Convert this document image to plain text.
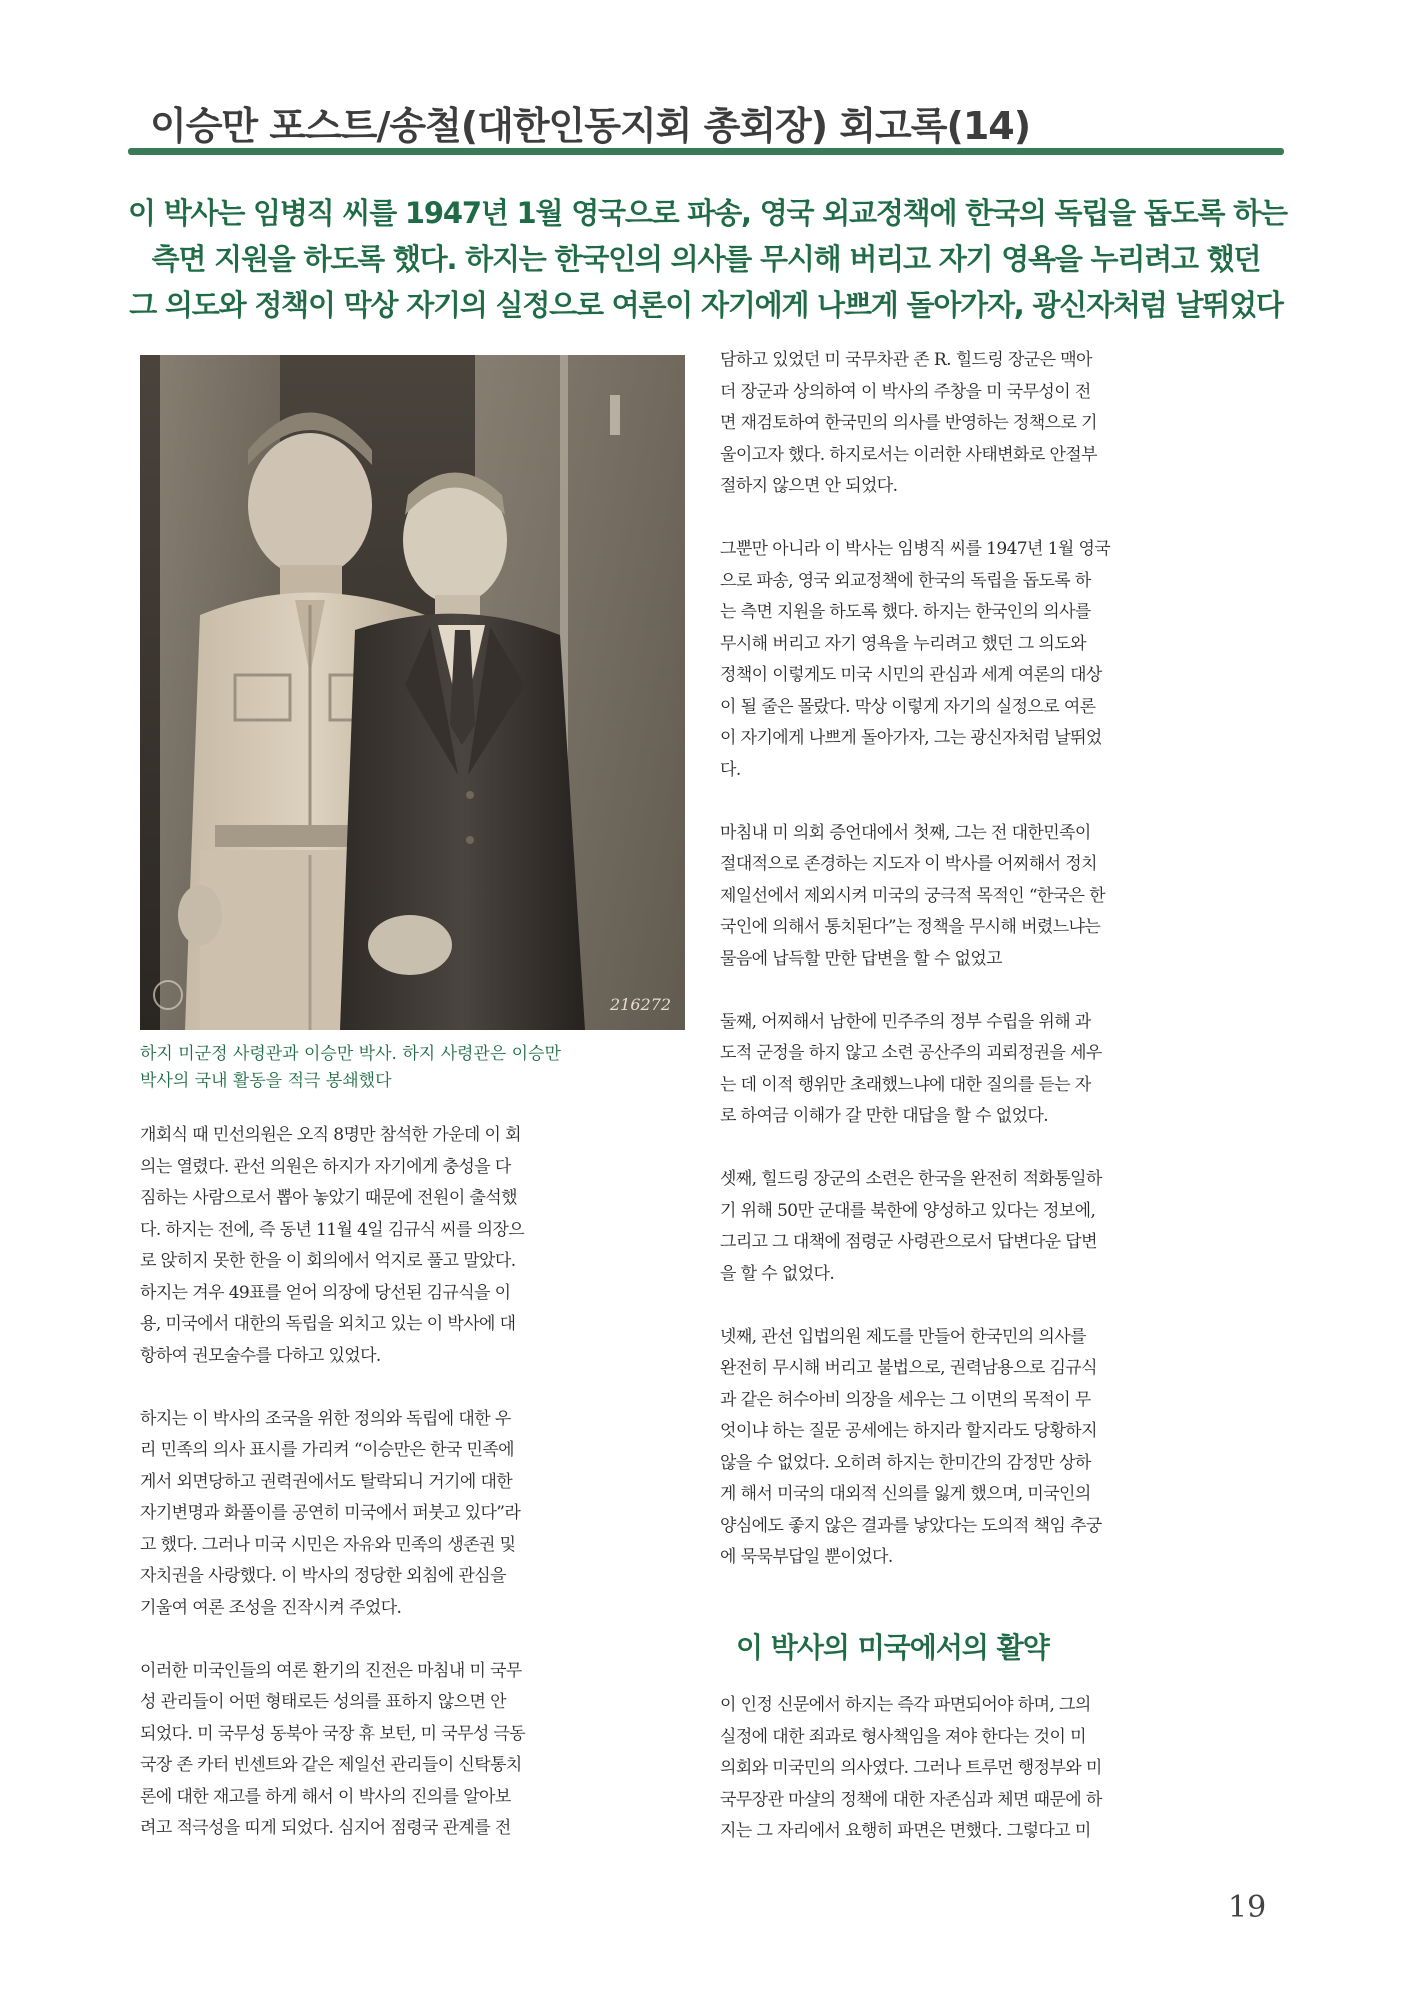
이승만 포스트/송철(대한인동지회 총회장) 회고록(14)
이 박사는 임병직 씨를 1947년 1월 영국으로 파송, 영국 외교정책에 한국의 독립을 돕도록 하는
측면 지원을 하도록 했다. 하지는 한국인의 의사를 무시해 버리고 자기 영욕을 누리려고 했던
그 의도와 정책이 막상 자기의 실정으로 여론이 자기에게 나쁘게 돌아가자, 광신자처럼 날뛰었다
216272
하지 미군정 사령관과 이승만 박사. 하지 사령관은 이승만
박사의 국내 활동을 적극 봉쇄했다
개회식 때 민선의원은 오직 8명만 참석한 가운데 이 회
의는 열렸다. 관선 의원은 하지가 자기에게 충성을 다
짐하는 사람으로서 뽑아 놓았기 때문에 전원이 출석했
다. 하지는 전에, 즉 동년 11월 4일 김규식 씨를 의장으
로 앉히지 못한 한을 이 회의에서 억지로 풀고 말았다.
하지는 겨우 49표를 얻어 의장에 당선된 김규식을 이
용, 미국에서 대한의 독립을 외치고 있는 이 박사에 대
항하여 권모술수를 다하고 있었다.
하지는 이 박사의 조국을 위한 정의와 독립에 대한 우
리 민족의 의사 표시를 가리켜 “이승만은 한국 민족에
게서 외면당하고 권력권에서도 탈락되니 거기에 대한
자기변명과 화풀이를 공연히 미국에서 퍼붓고 있다”라
고 했다. 그러나 미국 시민은 자유와 민족의 생존권 및
자치권을 사랑했다. 이 박사의 정당한 외침에 관심을
기울여 여론 조성을 진작시켜 주었다.
이러한 미국인들의 여론 환기의 진전은 마침내 미 국무
성 관리들이 어떤 형태로든 성의를 표하지 않으면 안
되었다. 미 국무성 동북아 국장 휴 보턴, 미 국무성 극동
국장 존 카터 빈센트와 같은 제일선 관리들이 신탁통치
론에 대한 재고를 하게 해서 이 박사의 진의를 알아보
려고 적극성을 띠게 되었다. 심지어 점령국 관계를 전
담하고 있었던 미 국무차관 존 R. 힐드링 장군은 맥아
더 장군과 상의하여 이 박사의 주창을 미 국무성이 전
면 재검토하여 한국민의 의사를 반영하는 정책으로 기
울이고자 했다. 하지로서는 이러한 사태변화로 안절부
절하지 않으면 안 되었다.
그뿐만 아니라 이 박사는 임병직 씨를 1947년 1월 영국
으로 파송, 영국 외교정책에 한국의 독립을 돕도록 하
는 측면 지원을 하도록 했다. 하지는 한국인의 의사를
무시해 버리고 자기 영욕을 누리려고 했던 그 의도와
정책이 이렇게도 미국 시민의 관심과 세계 여론의 대상
이 될 줄은 몰랐다. 막상 이렇게 자기의 실정으로 여론
이 자기에게 나쁘게 돌아가자, 그는 광신자처럼 날뛰었
다.
마침내 미 의회 증언대에서 첫째, 그는 전 대한민족이
절대적으로 존경하는 지도자 이 박사를 어찌해서 정치
제일선에서 제외시켜 미국의 궁극적 목적인 “한국은 한
국인에 의해서 통치된다”는 정책을 무시해 버렸느냐는
물음에 납득할 만한 답변을 할 수 없었고
둘째, 어찌해서 남한에 민주주의 정부 수립을 위해 과
도적 군정을 하지 않고 소련 공산주의 괴뢰정권을 세우
는 데 이적 행위만 초래했느냐에 대한 질의를 듣는 자
로 하여금 이해가 갈 만한 대답을 할 수 없었다.
셋째, 힐드링 장군의 소련은 한국을 완전히 적화통일하
기 위해 50만 군대를 북한에 양성하고 있다는 정보에,
그리고 그 대책에 점령군 사령관으로서 답변다운 답변
을 할 수 없었다.
넷째, 관선 입법의원 제도를 만들어 한국민의 의사를
완전히 무시해 버리고 불법으로, 권력남용으로 김규식
과 같은 허수아비 의장을 세우는 그 이면의 목적이 무
엇이냐 하는 질문 공세에는 하지라 할지라도 당황하지
않을 수 없었다. 오히려 하지는 한미간의 감정만 상하
게 해서 미국의 대외적 신의를 잃게 했으며, 미국인의
양심에도 좋지 않은 결과를 낳았다는 도의적 책임 추궁
에 묵묵부답일 뿐이었다.
이 박사의 미국에서의 활약
이 인정 신문에서 하지는 즉각 파면되어야 하며, 그의
실정에 대한 죄과로 형사책임을 져야 한다는 것이 미
의회와 미국민의 의사였다. 그러나 트루먼 행정부와 미
국무장관 마샬의 정책에 대한 자존심과 체면 때문에 하
지는 그 자리에서 요행히 파면은 면했다. 그렇다고 미
19
